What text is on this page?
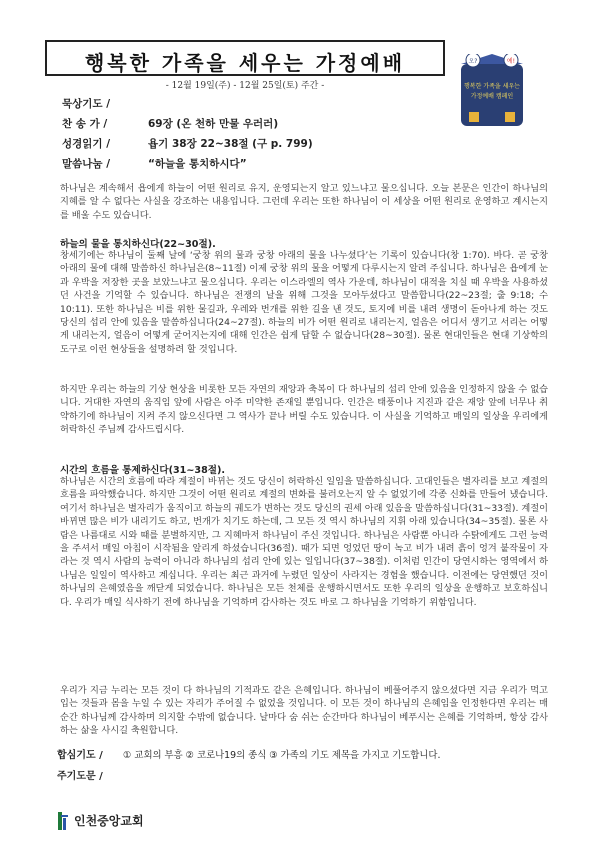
행복한 가족을 세우는 가정예배
- 12월 19일(주) - 12월 25일(토) 주간 -
오?	예!
행복한 가족을 세우는
가정예배 캠페인
묵상기도 /
찬 송 가 /	69장 (온 천하 만물 우러러)
성경읽기 /	욥기 38장 22~38절 (구 p. 799)
말씀나눔 /	“하늘을 통치하시다”
하나님은 계속해서 욥에게 하늘이 어떤 원리로 유지, 운영되는지 알고 있느냐고 물으십니다. 오늘 본문은 인간이 하나님의 지혜를 알 수 없다는 사실을 강조하는 내용입니다. 그런데 우리는 또한 하나님이 이 세상을 어떤 원리로 운영하고 계시는지를 배울 수도 있습니다.
하늘의 물을 통치하신다(22~30절).
창세기에는 하나님이 둘째 날에 ‘궁창 위의 물과 궁창 아래의 물을 나누셨다’는 기록이 있습니다(창 1:70). 바다. 곧 궁창 아래의 물에 대해 말씀하신 하나님은(8~11절) 이제 궁창 위의 물을 어떻게 다루시는지 알려 주십니다. 하나님은 욥에게 눈과 우박을 저장한 곳을 보았느냐고 물으십니다. 우리는 이스라엘의 역사 가운데, 하나님이 대적을 치실 때 우박을 사용하셨던 사건을 기억할 수 있습니다. 하나님은 전쟁의 날을 위해 그것을 모아두셨다고 말씀합니다(22~23절; 출 9:18; 수 10:11). 또한 하나님은 비를 위한 물길과, 우레와 번개를 위한 길을 낸 것도, 토지에 비를 내려 생명이 돋아나게 하는 것도 당신의 섭리 안에 있음을 말씀하십니다(24~27절). 하늘의 비가 어떤 원리로 내리는지, 얼음은 어디서 생기고 서리는 어떻게 내리는지, 얼음이 어떻게 굳어지는지에 대해 인간은 쉽게 답할 수 없습니다(28~30절). 물론 현대인들은 현대 기상학의 도구로 이런 현상들을 설명하려 할 것입니다.
하지만 우리는 하늘의 기상 현상을 비롯한 모든 자연의 재앙과 축복이 다 하나님의 섭리 안에 있음을 인정하지 않을 수 없습니다. 거대한 자연의 움직임 앞에 사람은 아주 미약한 존재일 뿐입니다. 인간은 태풍이나 지진과 같은 재앙 앞에 너무나 취약하기에 하나님이 지켜 주지 않으신다면 그 역사가 끝나 버릴 수도 있습니다. 이 사실을 기억하고 매일의 일상을 우리에게 허락하신 주님께 감사드립시다.
시간의 흐름을 통제하신다(31~38절).
하나님은 시간의 흐름에 따라 계절이 바뀌는 것도 당신이 허락하신 일임을 말씀하십니다. 고대인들은 별자리를 보고 계절의 흐름을 파악했습니다. 하지만 그것이 어떤 원리로 계절의 변화를 불러오는지 알 수 없었기에 각종 신화를 만들어 냈습니다. 여기서 하나님은 별자리가 움직이고 하늘의 궤도가 변하는 것도 당신의 권세 아래 있음을 말씀하십니다(31~33절). 계절이 바뀌면 많은 비가 내리기도 하고, 번개가 치기도 하는데, 그 모든 것 역시 하나님의 지휘 아래 있습니다(34~35절). 물론 사람은 나름대로 시와 때를 분별하지만, 그 지혜마저 하나님이 주신 것입니다. 하나님은 사람뿐 아니라 수탉에게도 그런 능력을 주셔서 매일 아침이 시작됨을 알리게 하셨습니다(36절). 때가 되면 엉었던 땅이 녹고 비가 내려 흙이 엉겨 붙작물이 자라는 것 역시 사람의 능력이 아니라 하나님의 섭리 안에 있는 일입니다(37~38절). 이처럼 인간이 당연시하는 영역에서 하나님은 일일이 역사하고 계십니다. 우리는 최근 과거에 누렸던 일상이 사라지는 경험을 했습니다. 이전에는 당연했던 것이 하나님의 은혜였음을 깨닫게 되었습니다. 하나님은 모든 천체를 운행하시면서도 또한 우리의 일상을 운행하고 보호하십니다. 우리가 매일 식사하기 전에 하나님을 기억하며 감사하는 것도 바로 그 하나님을 기억하기 위함입니다.
우리가 지금 누리는 모든 것이 다 하나님의 기적과도 같은 은혜입니다. 하나님이 베풀어주지 않으셨다면 지금 우리가 먹고 입는 것들과 몸을 누일 수 있는 자리가 주어질 수 없었을 것입니다. 이 모든 것이 하나님의 은혜임을 인정한다면 우리는 매순간 하나님께 감사하며 의지할 수밖에 없습니다. 날마다 숨 쉬는 순간마다 하나님이 베푸시는 은혜를 기억하며, 항상 감사하는 삶을 사시길 축원합니다.
합심기도 / ① 교회의 부흥 ② 코로나19의 종식 ③ 가족의 기도 제목을 가지고 기도합니다.
주기도문 /
인천중앙교회
